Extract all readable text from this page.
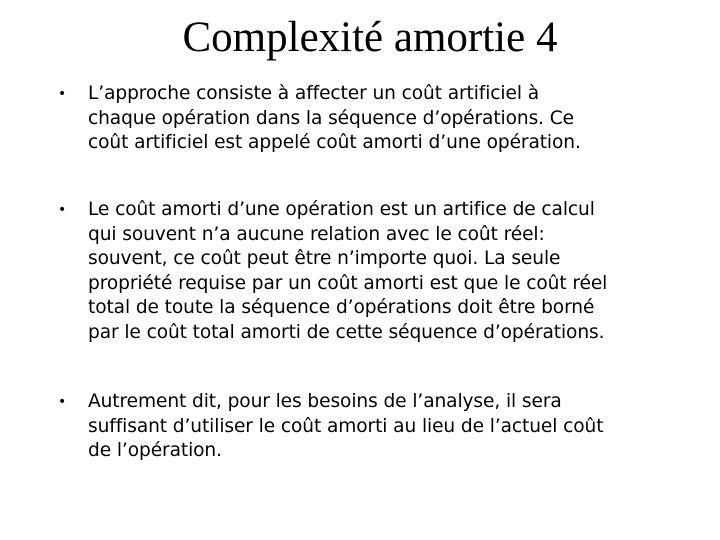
Complexité amortie 4
• L’approche consiste à affecter un coût artificiel à
chaque opération dans la séquence d’opérations. Ce
coût artificiel est appelé coût amorti d’une opération.
• Le coût amorti d’une opération est un artifice de calcul
qui souvent n’a aucune relation avec le coût réel:
souvent, ce coût peut être n’importe quoi. La seule
propriété requise par un coût amorti est que le coût réel
total de toute la séquence d’opérations doit être borné
par le coût total amorti de cette séquence d’opérations.
• Autrement dit, pour les besoins de l’analyse, il sera
suffisant d’utiliser le coût amorti au lieu de l’actuel coût
de l’opération.
